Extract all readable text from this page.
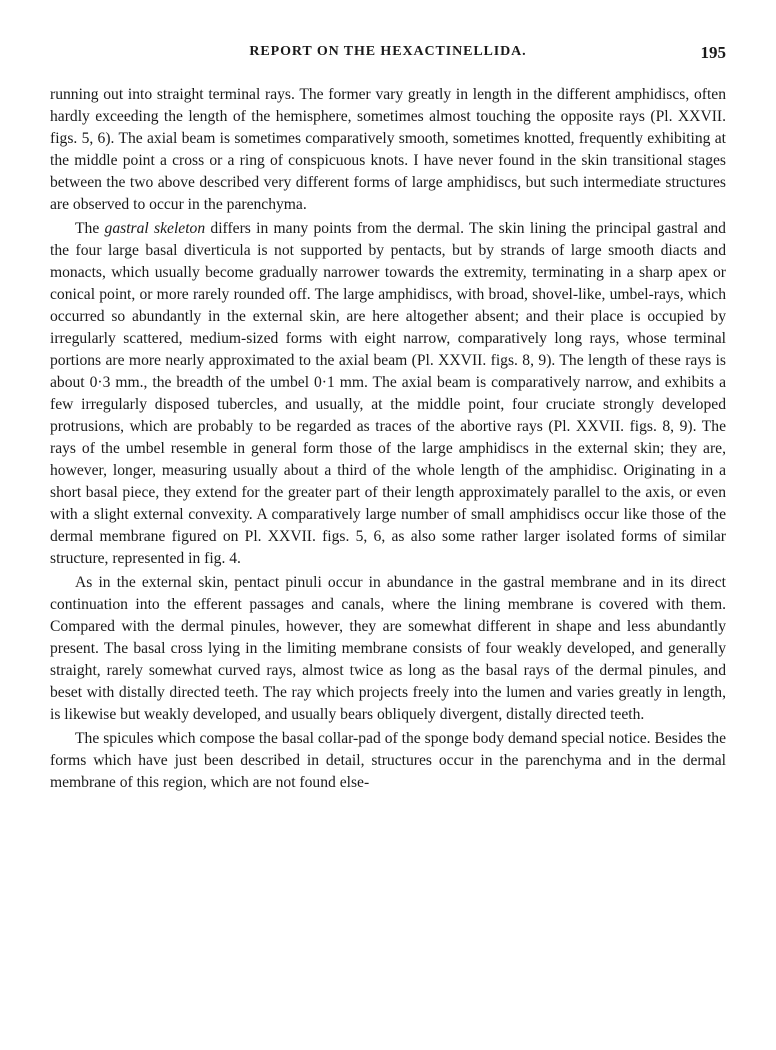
REPORT ON THE HEXACTINELLIDA.	195

running out into straight terminal rays. The former vary greatly in length in the different amphidiscs, often hardly exceeding the length of the hemisphere, sometimes almost touching the opposite rays (Pl. XXVII. figs. 5, 6). The axial beam is sometimes comparatively smooth, sometimes knotted, frequently exhibiting at the middle point a cross or a ring of conspicuous knots. I have never found in the skin transitional stages between the two above described very different forms of large amphidiscs, but such intermediate structures are observed to occur in the parenchyma.

The gastral skeleton differs in many points from the dermal. The skin lining the principal gastral and the four large basal diverticula is not supported by pentacts, but by strands of large smooth diacts and monacts, which usually become gradually narrower towards the extremity, terminating in a sharp apex or conical point, or more rarely rounded off. The large amphidiscs, with broad, shovel-like, umbel-rays, which occurred so abundantly in the external skin, are here altogether absent; and their place is occupied by irregularly scattered, medium-sized forms with eight narrow, comparatively long rays, whose terminal portions are more nearly approximated to the axial beam (Pl. XXVII. figs. 8, 9). The length of these rays is about 0·3 mm., the breadth of the umbel 0·1 mm. The axial beam is comparatively narrow, and exhibits a few irregularly disposed tubercles, and usually, at the middle point, four cruciate strongly developed protrusions, which are probably to be regarded as traces of the abortive rays (Pl. XXVII. figs. 8, 9). The rays of the umbel resemble in general form those of the large amphidiscs in the external skin; they are, however, longer, measuring usually about a third of the whole length of the amphidisc. Originating in a short basal piece, they extend for the greater part of their length approximately parallel to the axis, or even with a slight external convexity. A comparatively large number of small amphidiscs occur like those of the dermal membrane figured on Pl. XXVII. figs. 5, 6, as also some rather larger isolated forms of similar structure, represented in fig. 4.

As in the external skin, pentact pinuli occur in abundance in the gastral membrane and in its direct continuation into the efferent passages and canals, where the lining membrane is covered with them. Compared with the dermal pinules, however, they are somewhat different in shape and less abundantly present. The basal cross lying in the limiting membrane consists of four weakly developed, and generally straight, rarely somewhat curved rays, almost twice as long as the basal rays of the dermal pinules, and beset with distally directed teeth. The ray which projects freely into the lumen and varies greatly in length, is likewise but weakly developed, and usually bears obliquely divergent, distally directed teeth.

The spicules which compose the basal collar-pad of the sponge body demand special notice. Besides the forms which have just been described in detail, structures occur in the parenchyma and in the dermal membrane of this region, which are not found else-
